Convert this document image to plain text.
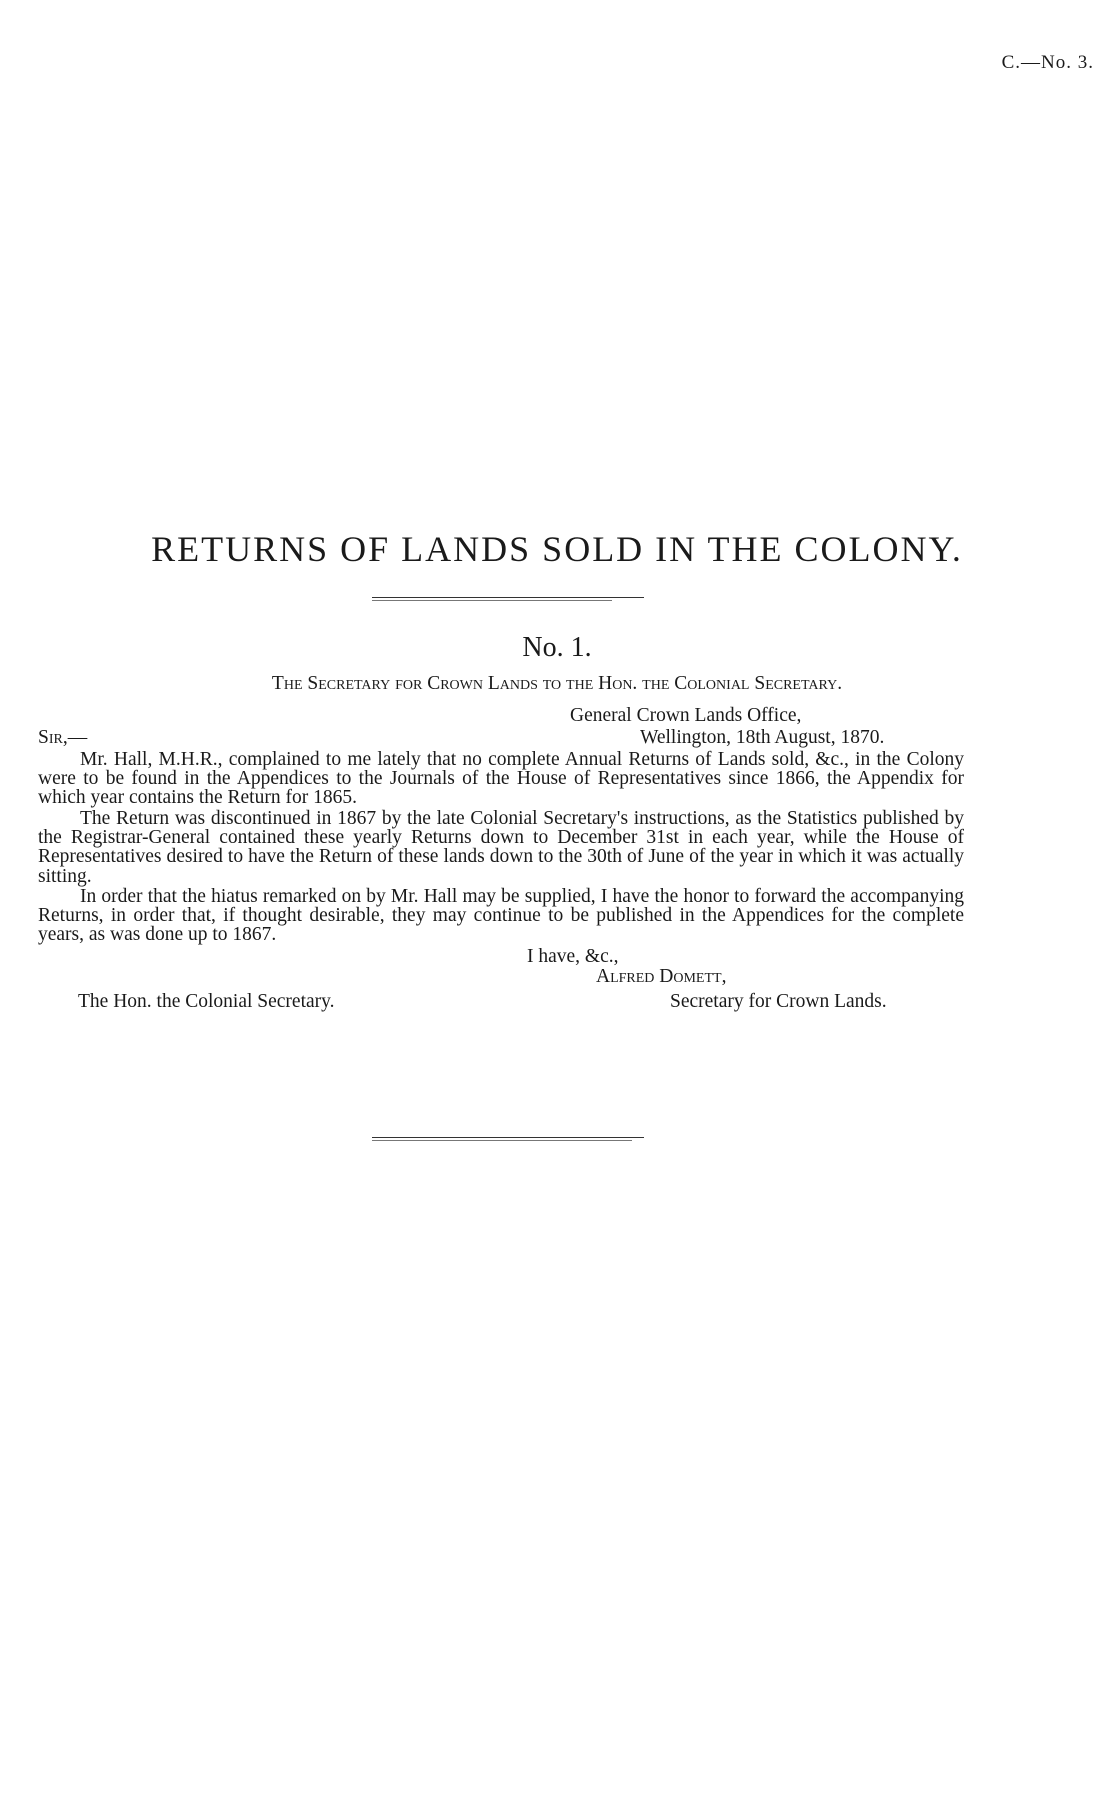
C.—No. 3.
RETURNS OF LANDS SOLD IN THE COLONY.
No. 1.
The Secretary for Crown Lands to the Hon. the Colonial Secretary.
General Crown Lands Office,
Sir,—	Wellington, 18th August, 1870.

Mr. Hall, M.H.R., complained to me lately that no complete Annual Returns of Lands sold, &c., in the Colony were to be found in the Appendices to the Journals of the House of Representatives since 1866, the Appendix for which year contains the Return for 1865.

The Return was discontinued in 1867 by the late Colonial Secretary's instructions, as the Statistics published by the Registrar-General contained these yearly Returns down to December 31st in each year, while the House of Representatives desired to have the Return of these lands down to the 30th of June of the year in which it was actually sitting.

In order that the hiatus remarked on by Mr. Hall may be supplied, I have the honor to forward the accompanying Returns, in order that, if thought desirable, they may continue to be published in the Appendices for the complete years, as was done up to 1867.

I have, &c.,
Alfred Domett,
The Hon. the Colonial Secretary.	Secretary for Crown Lands.
